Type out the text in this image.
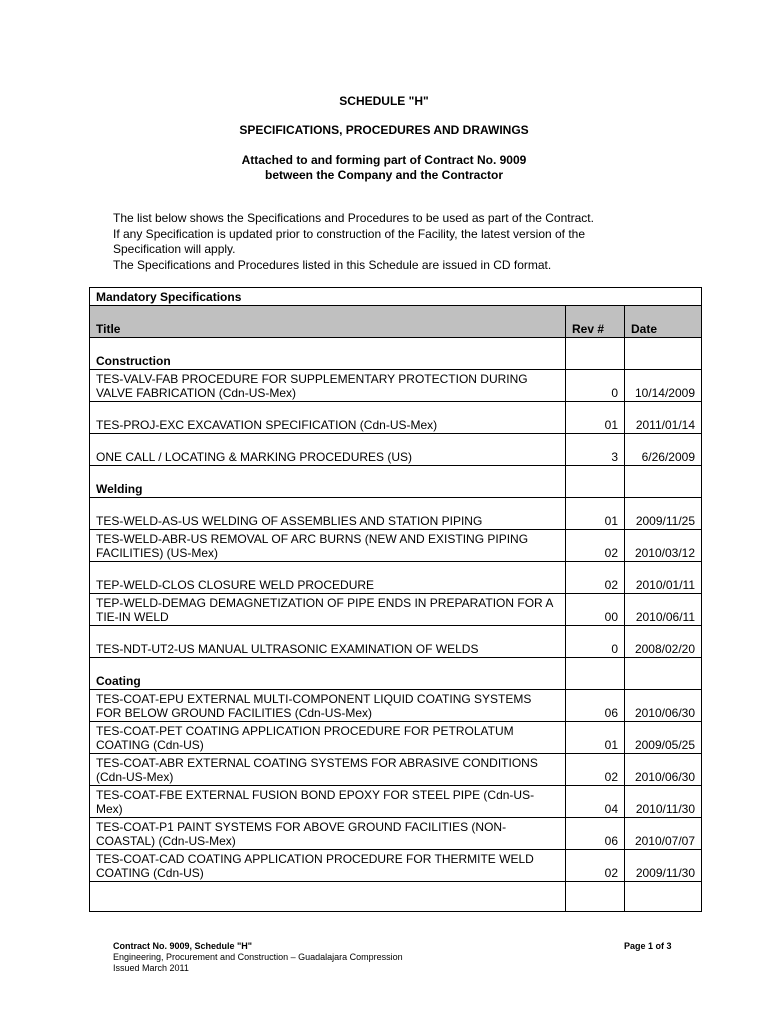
SCHEDULE "H"
SPECIFICATIONS, PROCEDURES AND DRAWINGS
Attached to and forming part of Contract No. 9009
between the Company and the Contractor
The list below shows the Specifications and Procedures to be used as part of the Contract.
If any Specification is updated prior to construction of the Facility, the latest version of the
Specification will apply.
The Specifications and Procedures listed in this Schedule are issued in CD format.
Mandatory Specifications		
Title	Rev #	Date
Construction		
TES-VALV-FAB PROCEDURE FOR SUPPLEMENTARY PROTECTION DURING VALVE FABRICATION (Cdn-US-Mex)	0	10/14/2009
TES-PROJ-EXC EXCAVATION SPECIFICATION (Cdn-US-Mex)	01	2011/01/14
ONE CALL / LOCATING & MARKING PROCEDURES (US)	3	6/26/2009
Welding		
TES-WELD-AS-US WELDING OF ASSEMBLIES AND STATION PIPING	01	2009/11/25
TES-WELD-ABR-US REMOVAL OF ARC BURNS (NEW AND EXISTING PIPING FACILITIES) (US-Mex)	02	2010/03/12
TEP-WELD-CLOS CLOSURE WELD PROCEDURE	02	2010/01/11
TEP-WELD-DEMAG DEMAGNETIZATION OF PIPE ENDS IN PREPARATION FOR A TIE-IN WELD	00	2010/06/11
TES-NDT-UT2-US MANUAL ULTRASONIC EXAMINATION OF WELDS	0	2008/02/20
Coating		
TES-COAT-EPU EXTERNAL MULTI-COMPONENT LIQUID COATING SYSTEMS FOR BELOW GROUND FACILITIES (Cdn-US-Mex)	06	2010/06/30
TES-COAT-PET COATING APPLICATION PROCEDURE FOR PETROLATUM COATING (Cdn-US)	01	2009/05/25
TES-COAT-ABR EXTERNAL COATING SYSTEMS FOR ABRASIVE CONDITIONS (Cdn-US-Mex)	02	2010/06/30
TES-COAT-FBE EXTERNAL FUSION BOND EPOXY FOR STEEL PIPE (Cdn-US-Mex)	04	2010/11/30
TES-COAT-P1 PAINT SYSTEMS FOR ABOVE GROUND FACILITIES (NON-COASTAL) (Cdn-US-Mex)	06	2010/07/07
TES-COAT-CAD COATING APPLICATION PROCEDURE FOR THERMITE WELD COATING (Cdn-US)	02	2009/11/30

Contract No. 9009, Schedule "H"
Engineering, Procurement and Construction – Guadalajara Compression
Issued March 2011
Page 1 of 3
